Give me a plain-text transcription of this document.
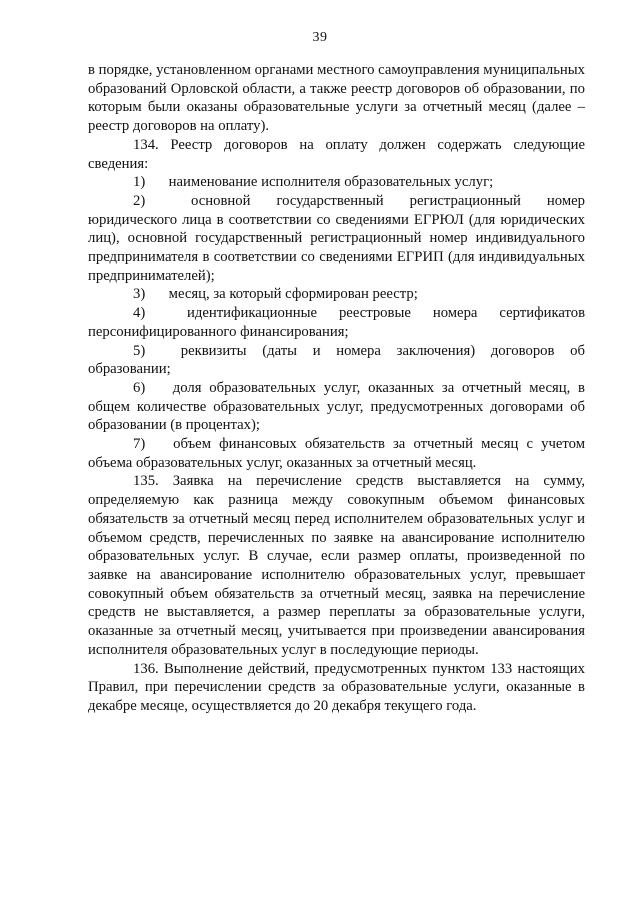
39

в порядке, установленном органами местного самоуправления муниципальных образований Орловской области, а также реестр договоров об образовании, по которым были оказаны образовательные услуги за отчетный месяц (далее – реестр договоров на оплату).

134. Реестр договоров на оплату должен содержать следующие сведения:

1) наименование исполнителя образовательных услуг;

2)	основной государственный регистрационный номер юридического лица в соответствии со сведениями ЕГРЮЛ (для юридических лиц), основной государственный регистрационный номер индивидуального предпринимателя в соответствии со сведениями ЕГРИП (для индивидуальных предпринимателей);

3) месяц, за который сформирован реестр;

4)	идентификационные реестровые номера сертификатов персонифицированного финансирования;

5) реквизиты (даты и номера заключения) договоров об образовании;

6) доля образовательных услуг, оказанных за отчетный месяц, в общем количестве образовательных услуг, предусмотренных договорами об образовании (в процентах);

7) объем финансовых обязательств за отчетный месяц с учетом объема образовательных услуг, оказанных за отчетный месяц.

135. Заявка на перечисление средств выставляется на сумму, определяемую как разница между совокупным объемом финансовых обязательств за отчетный месяц перед исполнителем образовательных услуг и объемом средств, перечисленных по заявке на авансирование исполнителю образовательных услуг. В случае, если размер оплаты, произведенной по заявке на авансирование исполнителю образовательных услуг, превышает совокупный объем обязательств за отчетный месяц, заявка на перечисление средств не выставляется, а размер переплаты за образовательные услуги, оказанные за отчетный месяц, учитывается при произведении авансирования исполнителя образовательных услуг в последующие периоды.

136. Выполнение действий, предусмотренных пунктом 133 настоящих Правил, при перечислении средств за образовательные услуги, оказанные в декабре месяце, осуществляется до 20 декабря текущего года.
